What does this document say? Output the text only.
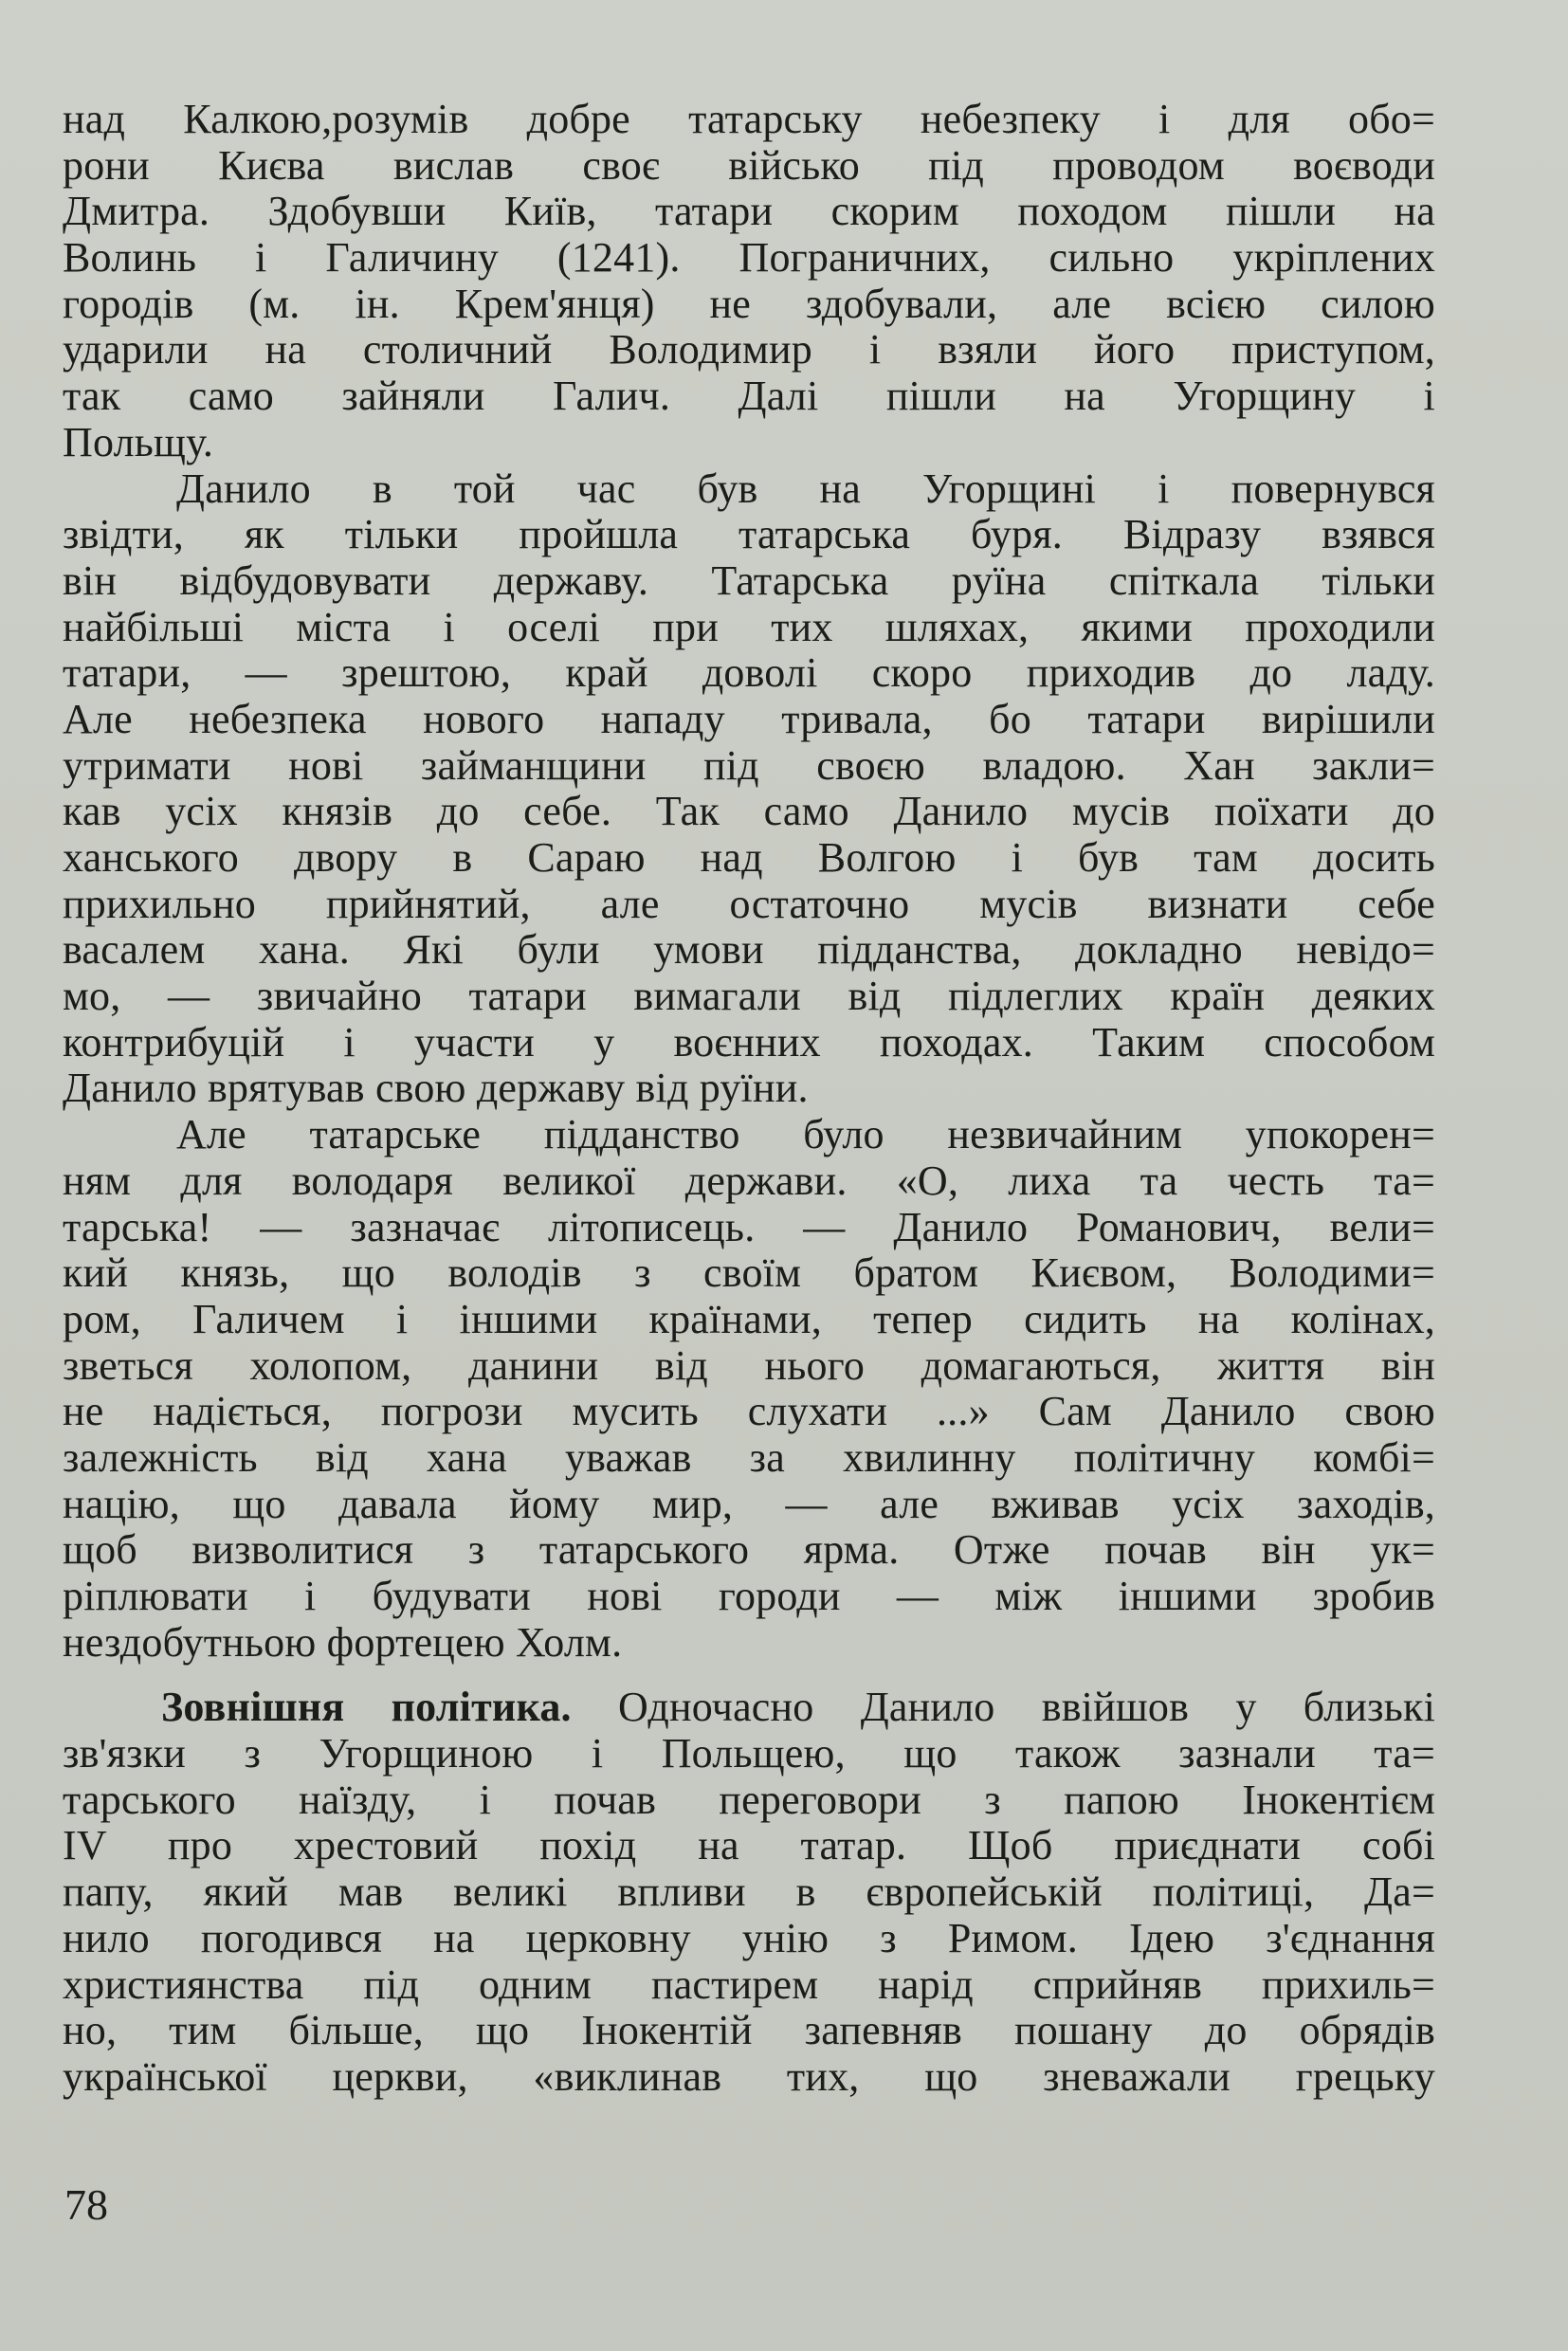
над Калкою,розумів добре татарську небезпеку і для обо=
рони Києва вислав своє військо під проводом воєводи
Дмитра. Здобувши Київ, татари скорим походом пішли на
Волинь і Галичину (1241). Пограничних, сильно укріплених
городів (м. ін. Крем'янця) не здобували, але всією силою
ударили на столичний Володимир і взяли його приступом,
так само зайняли Галич. Далі пішли на Угорщину і
Польщу.
Данило в той час був на Угорщині і повернувся
звідти, як тільки пройшла татарська буря. Відразу взявся
він відбудовувати державу. Татарська руїна спіткала тільки
найбільші міста і оселі при тих шляхах, якими проходили
татари, — зрештою, край доволі скоро приходив до ладу.
Але небезпека нового нападу тривала, бо татари вирішили
утримати нові займанщини під своєю владою. Хан закли=
кав усіх князів до себе. Так само Данило мусів поїхати до
ханського двору в Сараю над Волгою і був там досить
прихильно прийнятий, але остаточно мусів визнати себе
васалем хана. Які були умови підданства, докладно невідо=
мо, — звичайно татари вимагали від підлеглих країн деяких
контрибуцій і участи у воєнних походах. Таким способом
Данило врятував свою державу від руїни.
Але татарське підданство було незвичайним упокорен=
ням для володаря великої держави. «О, лиха та честь та=
тарська! — зазначає літописець. — Данило Романович, вели=
кий князь, що володів з своїм братом Києвом, Володими=
ром, Галичем і іншими країнами, тепер сидить на колінах,
зветься холопом, данини від нього домагаються, життя він
не надіється, погрози мусить слухати ...» Сам Данило свою
залежність від хана уважав за хвилинну політичну комбі=
націю, що давала йому мир, — але вживав усіх заходів,
щоб визволитися з татарського ярма. Отже почав він ук=
ріплювати і будувати нові городи — між іншими зробив
нездобутньою фортецею Холм.
Зовнішня політика. Одночасно Данило ввійшов у близькі
зв'язки з Угорщиною і Польщею, що також зазнали та=
тарського наїзду, і почав переговори з папою Інокентієм
IV про хрестовий похід на татар. Щоб приєднати собі
папу, який мав великі впливи в європейській політиці, Да=
нило погодився на церковну унію з Римом. Ідею з'єднання
християнства під одним пастирем нарід сприйняв прихиль=
но, тим більше, що Інокентій запевняв пошану до обрядів
української церкви, «виклинав тих, що зневажали грецьку
78
